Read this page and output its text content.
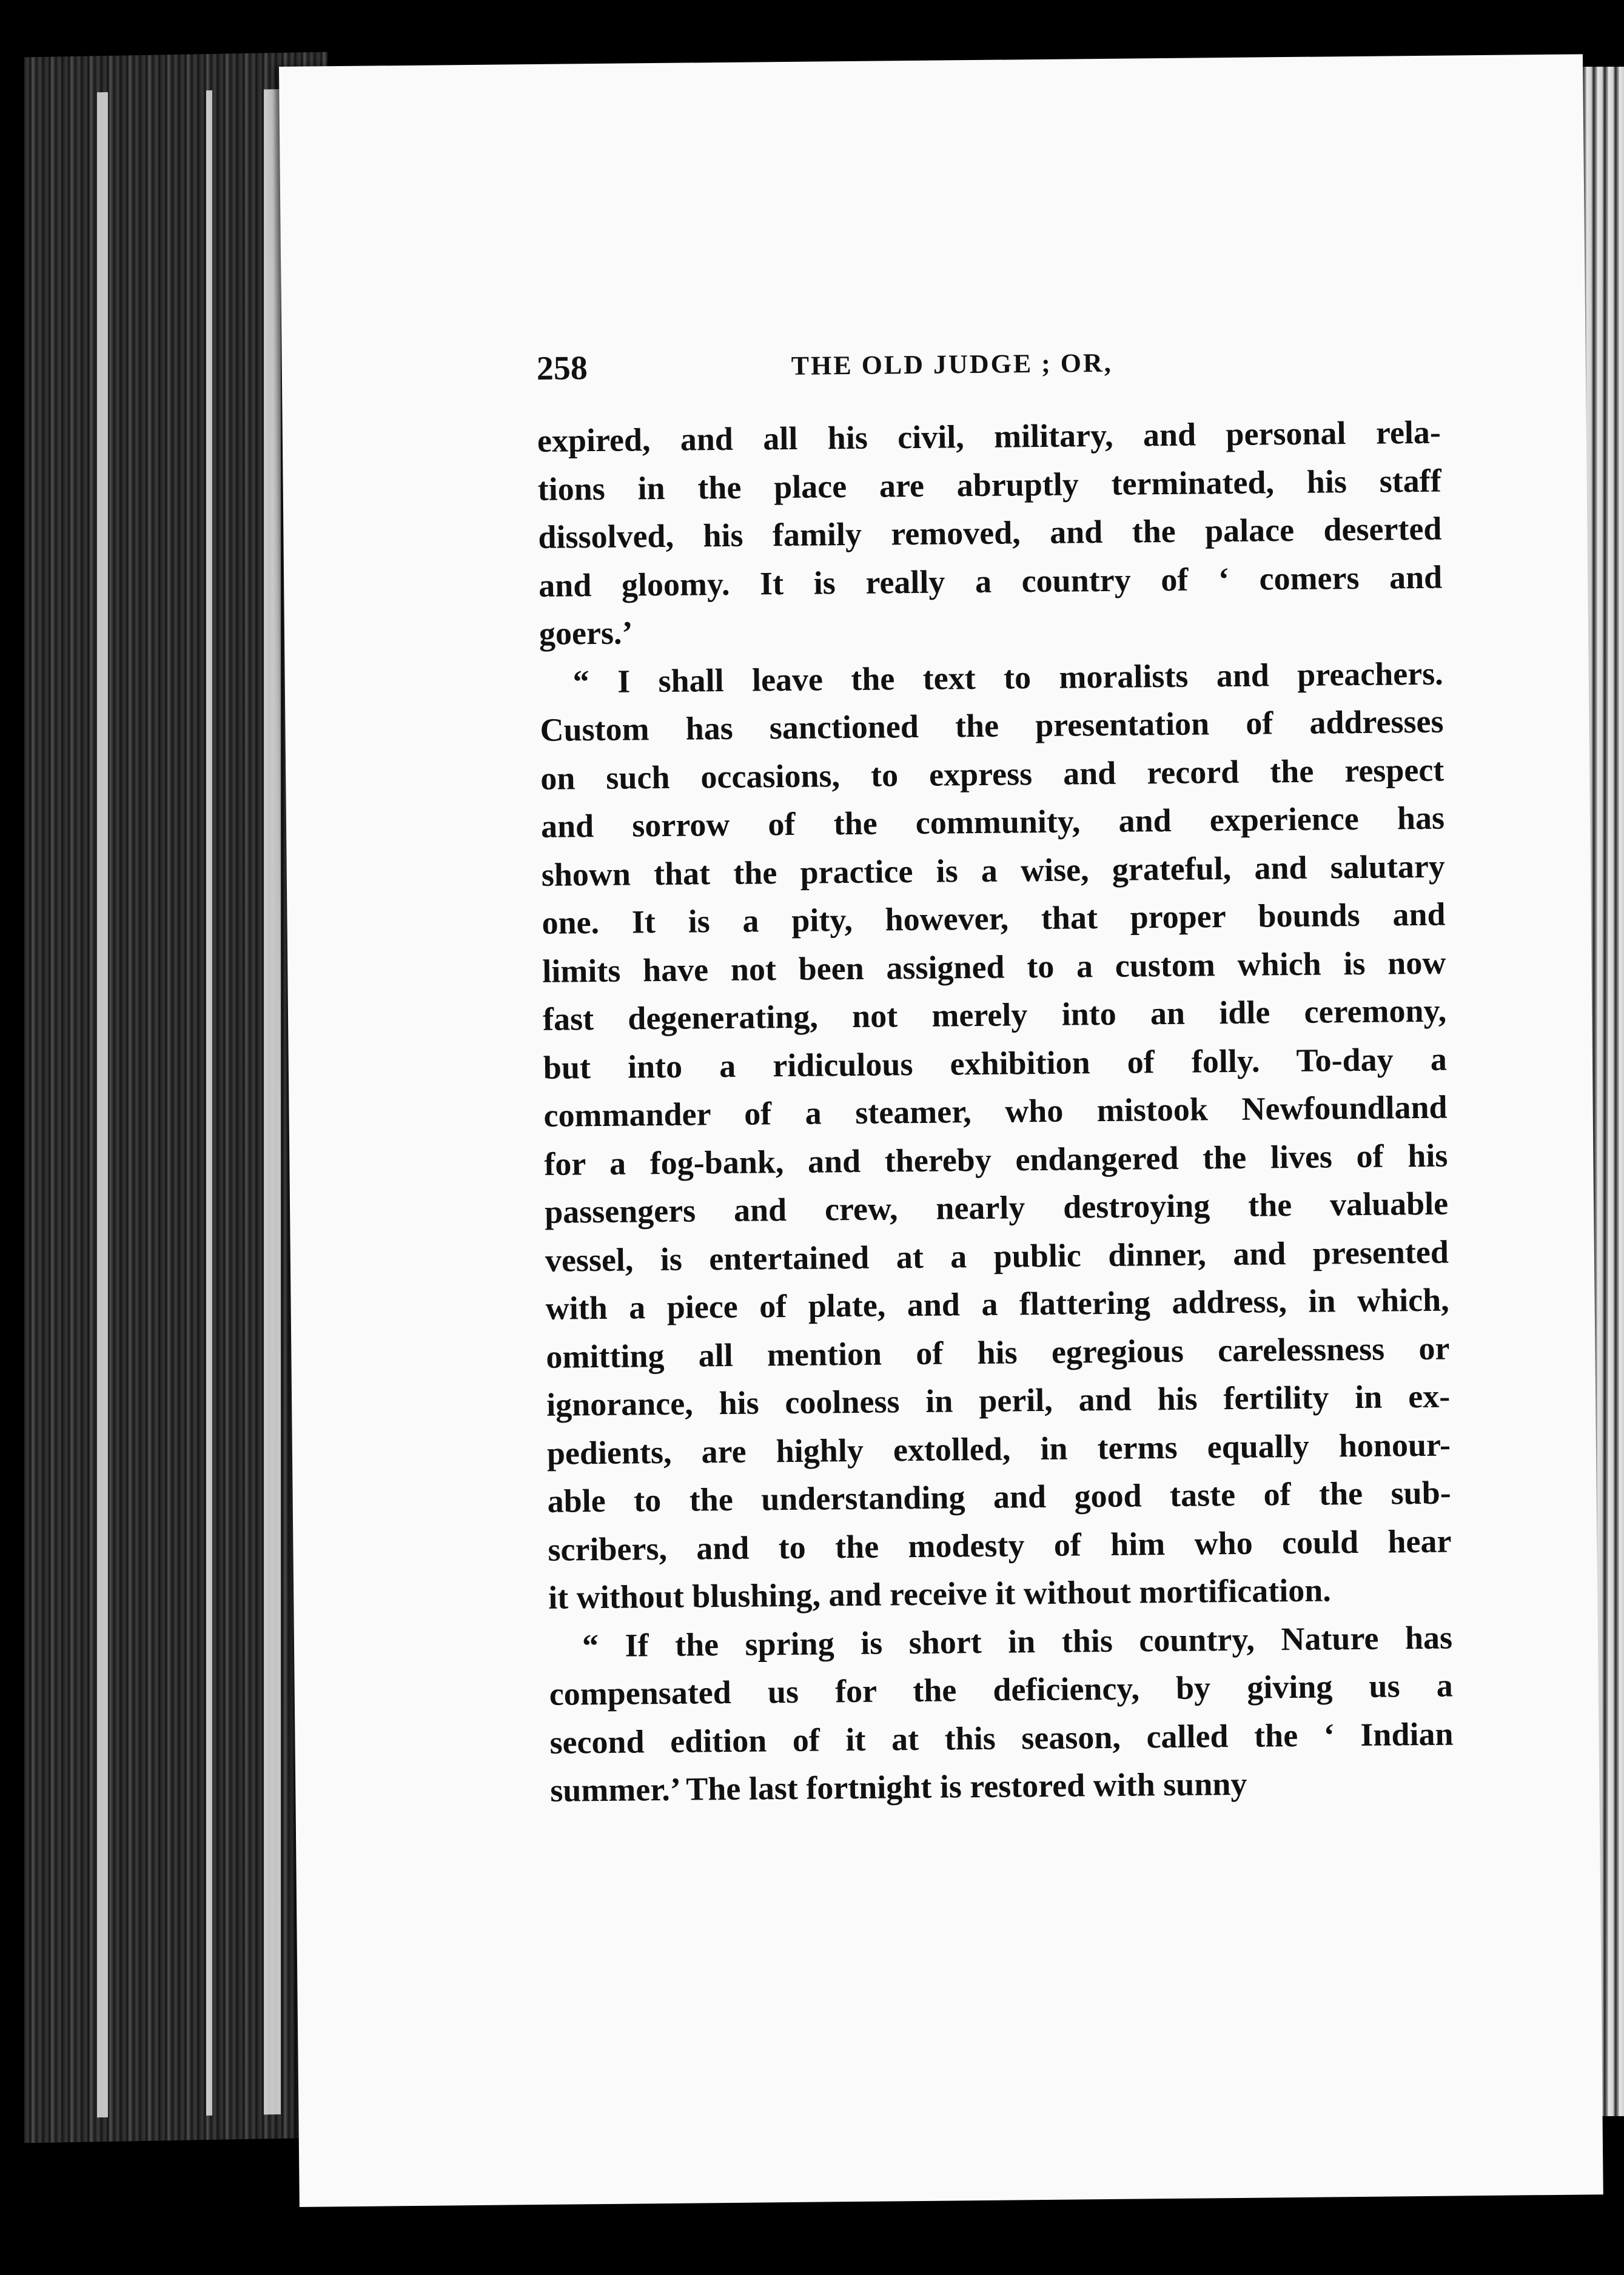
258	THE OLD JUDGE ; OR,

expired, and all his civil, military, and personal rela-
tions in the place are abruptly terminated, his staff
dissolved, his family removed, and the palace deserted
and gloomy. It is really a country of ‘ comers and
goers.’

“ I shall leave the text to moralists and preachers.
Custom has sanctioned the presentation of addresses
on such occasions, to express and record the respect
and sorrow of the community, and experience has
shown that the practice is a wise, grateful, and salutary
one. It is a pity, however, that proper bounds and
limits have not been assigned to a custom which is now
fast degenerating, not merely into an idle ceremony,
but into a ridiculous exhibition of folly. To-day a
commander of a steamer, who mistook Newfoundland
for a fog-bank, and thereby endangered the lives of his
passengers and crew, nearly destroying the valuable
vessel, is entertained at a public dinner, and presented
with a piece of plate, and a flattering address, in which,
omitting all mention of his egregious carelessness or
ignorance, his coolness in peril, and his fertility in ex-
pedients, are highly extolled, in terms equally honour-
able to the understanding and good taste of the sub-
scribers, and to the modesty of him who could hear
it without blushing, and receive it without mortification.

“ If the spring is short in this country, Nature has
compensated us for the deficiency, by giving us a
second edition of it at this season, called the ‘ Indian
summer.’ The last fortnight is restored with sunny
